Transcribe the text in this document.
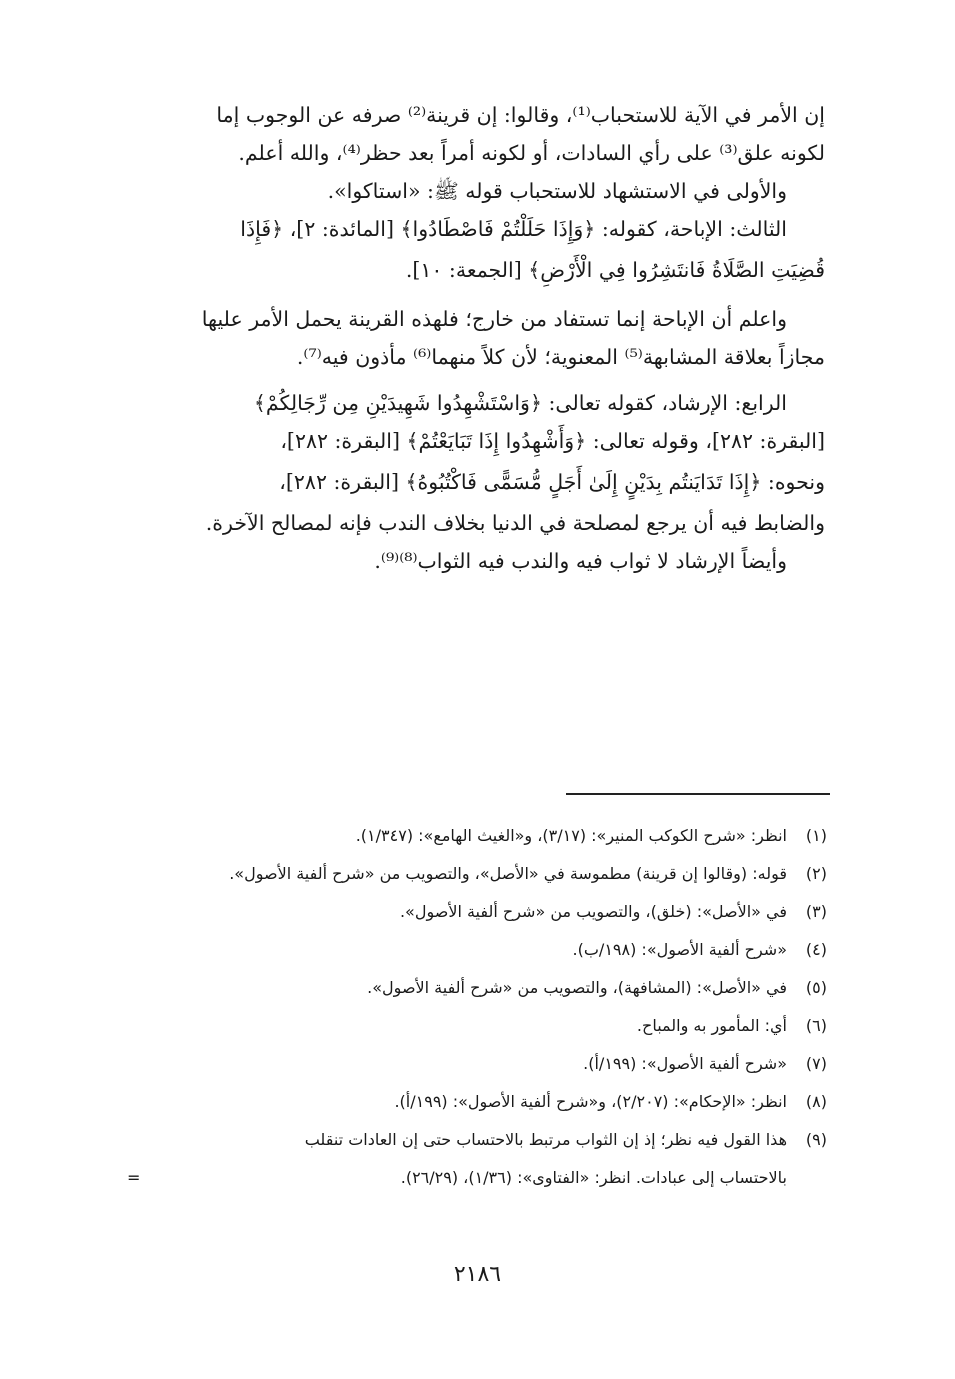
إن الأمر في الآية للاستحباب⁽¹⁾، وقالوا: إن قرينة⁽²⁾ صرفه عن الوجوب إما
لكونه علق⁽³⁾ على رأي السادات، أو لكونه أمراً بعد حظر⁽⁴⁾، والله أعلم.
والأولى في الاستشهاد للاستحباب قوله ﷺ: «استاكوا».
الثالث: الإباحة، كقوله: ﴿وَإِذَا حَلَلْتُمْ فَاصْطَادُوا﴾ [المائدة: ٢]، ﴿فَإِذَا
قُضِيَتِ الصَّلَاةُ فَانتَشِرُوا فِي الْأَرْضِ﴾ [الجمعة: ١٠].
واعلم أن الإباحة إنما تستفاد من خارج؛ فلهذه القرينة يحمل الأمر عليها
مجازاً بعلاقة المشابهة⁽⁵⁾ المعنوية؛ لأن كلاً منهما⁽⁶⁾ مأذون فيه⁽⁷⁾.
الرابع: الإرشاد، كقوله تعالى: ﴿وَاسْتَشْهِدُوا شَهِيدَيْنِ مِن رِّجَالِكُمْ﴾
[البقرة: ٢٨٢]، وقوله تعالى: ﴿وَأَشْهِدُوا إِذَا تَبَايَعْتُمْ﴾ [البقرة: ٢٨٢]،
ونحوه: ﴿إِذَا تَدَايَنتُم بِدَيْنٍ إِلَىٰ أَجَلٍ مُّسَمًّى فَاكْتُبُوهُ﴾ [البقرة: ٢٨٢]،
والضابط فيه أن يرجع لمصلحة في الدنيا بخلاف الندب فإنه لمصالح الآخرة.
وأيضاً الإرشاد لا ثواب فيه والندب فيه الثواب⁽⁸⁾⁽⁹⁾.
(١)
انظر: «شرح الكوكب المنير»: (٣/١٧)، و«الغيث الهامع»: (١/٣٤٧).
(٢)
قوله: (وقالوا إن قرينة) مطموسة في «الأصل»، والتصويب من «شرح ألفية الأصول».
(٣)
في «الأصل»: (خلق)، والتصويب من «شرح ألفية الأصول».
(٤)
«شرح ألفية الأصول»: (١٩٨/ب).
(٥)
في «الأصل»: (المشافهة)، والتصويب من «شرح ألفية الأصول».
(٦)
أي: المأمور به والمباح.
(٧)
«شرح ألفية الأصول»: (١٩٩/أ).
(٨)
انظر: «الإحكام»: (٢/٢٠٧)، و«شرح ألفية الأصول»: (١٩٩/أ).
(٩)
هذا القول فيه نظر؛ إذ إن الثواب مرتبط بالاحتساب حتى إن العادات تنقلب
بالاحتساب إلى عبادات. انظر: «الفتاوى»: (١/٣٦)، (٢٦/٢٩).
=
٢١٨٦
